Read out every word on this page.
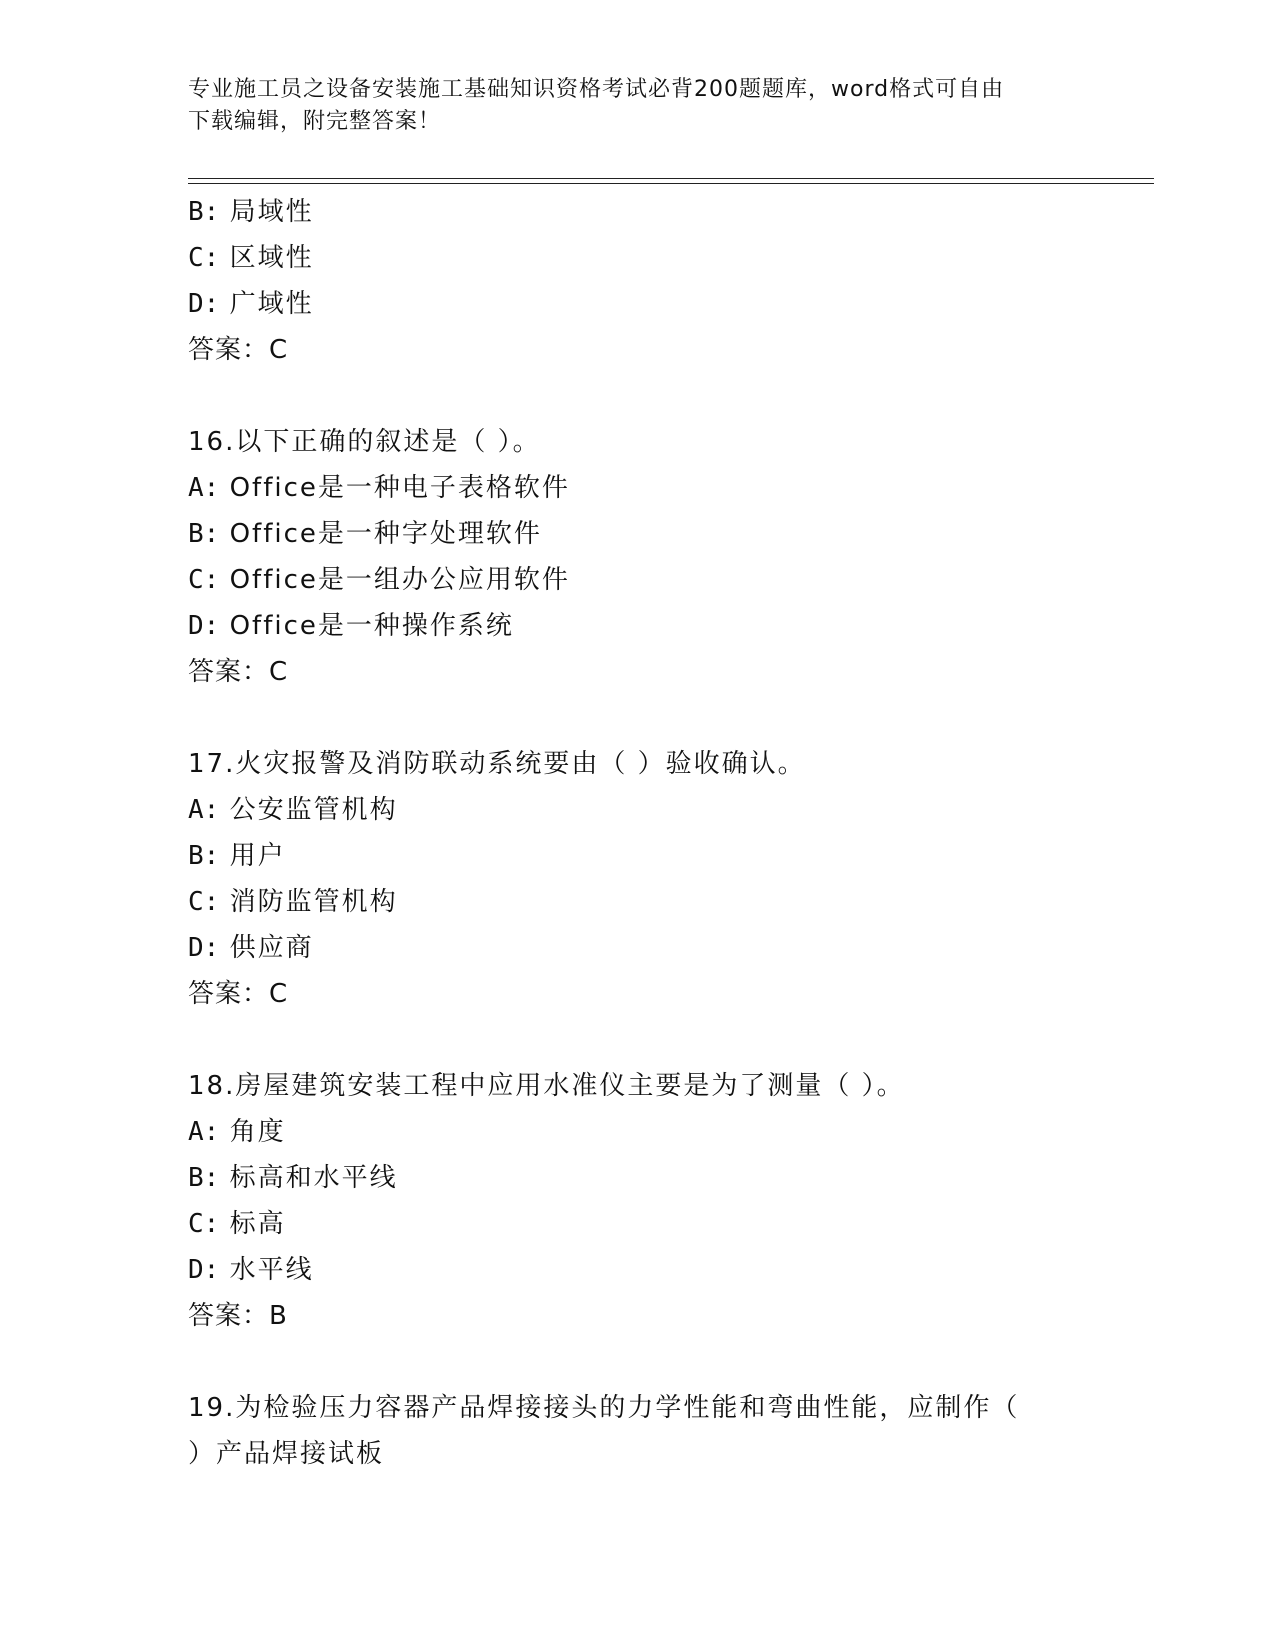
专业施工员之设备安装施工基础知识资格考试必背200题题库，word格式可自由
下载编辑，附完整答案！
B: 局域性
C: 区域性
D: 广域性
答案：C
16.以下正确的叙述是（ ）。
A: Office是一种电子表格软件
B: Office是一种字处理软件
C: Office是一组办公应用软件
D: Office是一种操作系统
答案：C
17.火灾报警及消防联动系统要由（ ）验收确认。
A: 公安监管机构
B: 用户
C: 消防监管机构
D: 供应商
答案：C
18.房屋建筑安装工程中应用水准仪主要是为了测量（ ）。
A: 角度
B: 标高和水平线
C: 标高
D: 水平线
答案：B
19.为检验压力容器产品焊接接头的力学性能和弯曲性能，应制作（
）产品焊接试板
